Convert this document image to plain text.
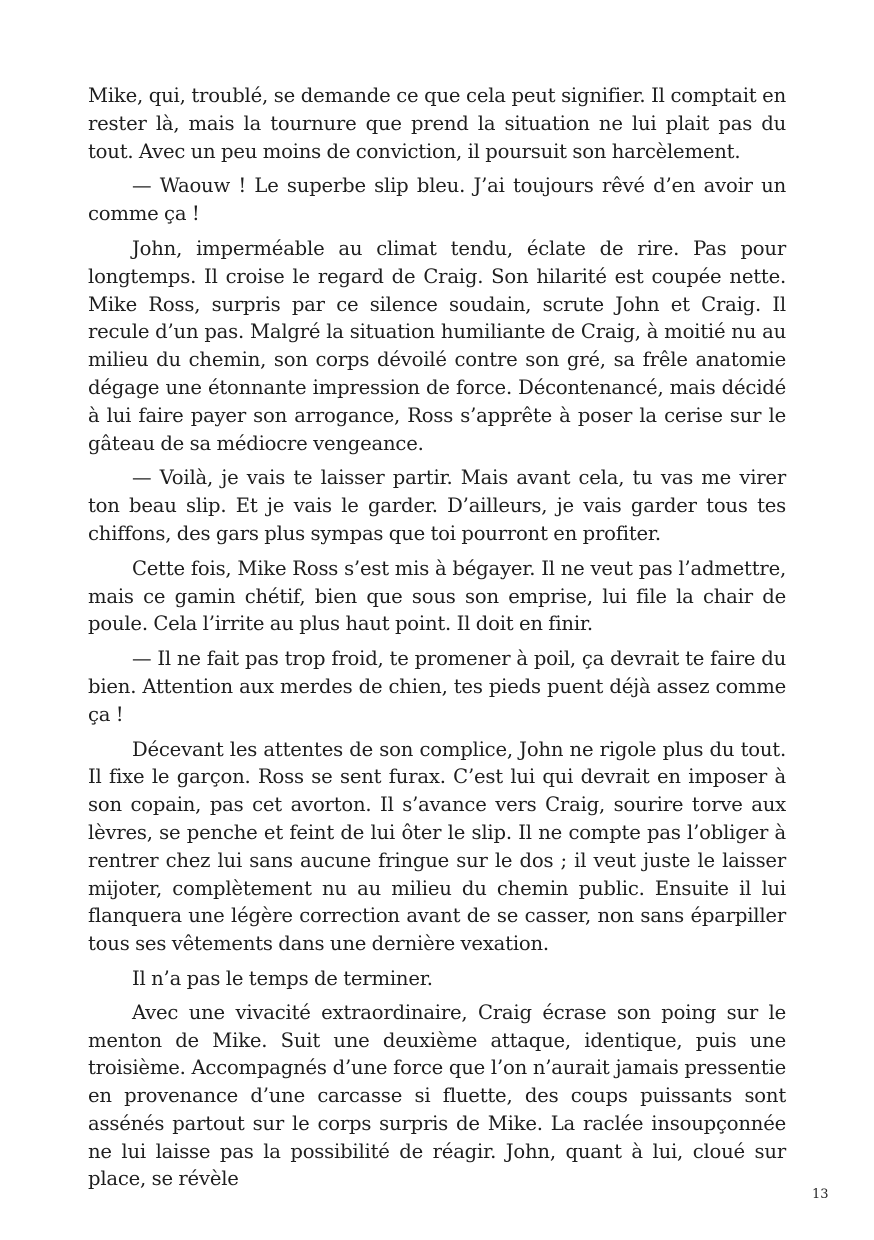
Mike, qui, troublé, se demande ce que cela peut signifier. Il comptait en rester là, mais la tournure que prend la situation ne lui plait pas du tout. Avec un peu moins de conviction, il poursuit son harcèlement.

— Waouw ! Le superbe slip bleu. J’ai toujours rêvé d’en avoir un comme ça !

John, imperméable au climat tendu, éclate de rire. Pas pour longtemps. Il croise le regard de Craig. Son hilarité est coupée nette. Mike Ross, surpris par ce silence soudain, scrute John et Craig. Il recule d’un pas. Malgré la situation humiliante de Craig, à moitié nu au milieu du chemin, son corps dévoilé contre son gré, sa frêle anatomie dégage une étonnante impression de force. Décontenancé, mais décidé à lui faire payer son arrogance, Ross s’apprête à poser la cerise sur le gâteau de sa médiocre vengeance.

— Voilà, je vais te laisser partir. Mais avant cela, tu vas me virer ton beau slip. Et je vais le garder. D’ailleurs, je vais garder tous tes chiffons, des gars plus sympas que toi pourront en profiter.

Cette fois, Mike Ross s’est mis à bégayer. Il ne veut pas l’admettre, mais ce gamin chétif, bien que sous son emprise, lui file la chair de poule. Cela l’irrite au plus haut point. Il doit en finir.

— Il ne fait pas trop froid, te promener à poil, ça devrait te faire du bien. Attention aux merdes de chien, tes pieds puent déjà assez comme ça !

Décevant les attentes de son complice, John ne rigole plus du tout. Il fixe le garçon. Ross se sent furax. C’est lui qui devrait en imposer à son copain, pas cet avorton. Il s’avance vers Craig, sourire torve aux lèvres, se penche et feint de lui ôter le slip. Il ne compte pas l’obliger à rentrer chez lui sans aucune fringue sur le dos ; il veut juste le laisser mijoter, complètement nu au milieu du chemin public. Ensuite il lui flanquera une légère correction avant de se casser, non sans éparpiller tous ses vêtements dans une dernière vexation.

Il n’a pas le temps de terminer.

Avec une vivacité extraordinaire, Craig écrase son poing sur le menton de Mike. Suit une deuxième attaque, identique, puis une troisième. Accompagnés d’une force que l’on n’aurait jamais pressentie en provenance d’une carcasse si fluette, des coups puissants sont assénés partout sur le corps surpris de Mike. La raclée insoupçonnée ne lui laisse pas la possibilité de réagir. John, quant à lui, cloué sur place, se révèle

13
